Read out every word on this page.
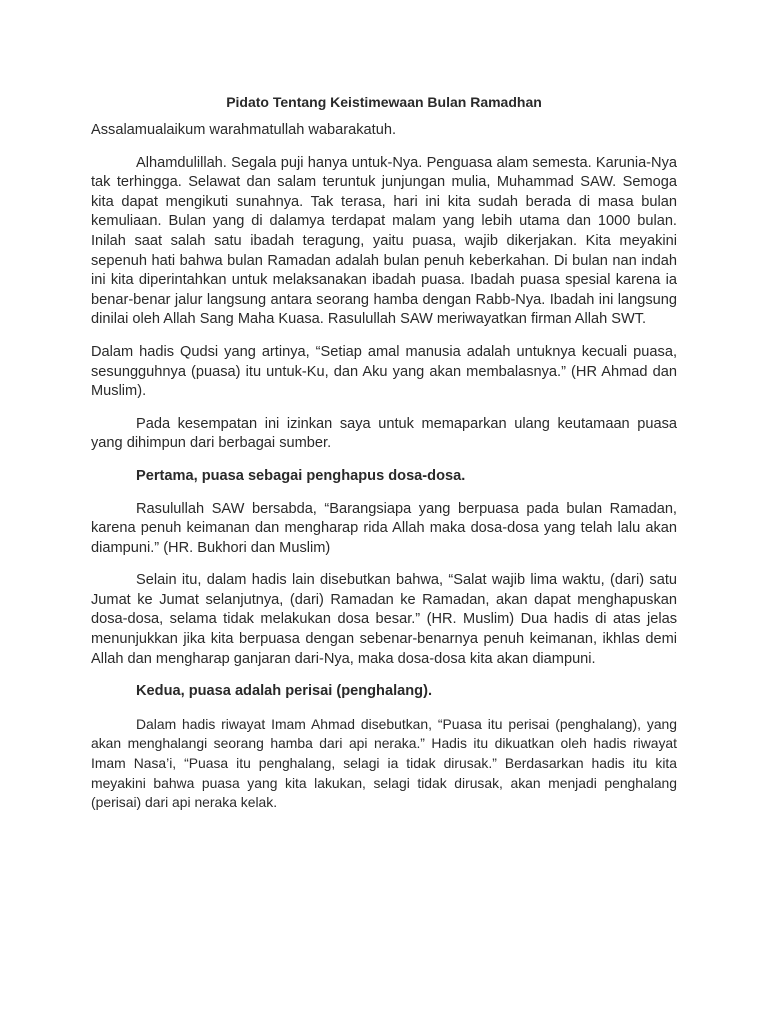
Pidato Tentang Keistimewaan Bulan Ramadhan

Assalamualaikum warahmatullah wabarakatuh.

Alhamdulillah. Segala puji hanya untuk-Nya. Penguasa alam semesta. Karunia-Nya tak terhingga. Selawat dan salam teruntuk junjungan mulia, Muhammad SAW. Semoga kita dapat mengikuti sunahnya. Tak terasa, hari ini kita sudah berada di masa bulan kemuliaan. Bulan yang di dalamya terdapat malam yang lebih utama dan 1000 bulan. Inilah saat salah satu ibadah teragung, yaitu puasa, wajib dikerjakan. Kita meyakini sepenuh hati bahwa bulan Ramadan adalah bulan penuh keberkahan. Di bulan nan indah ini kita diperintahkan untuk melaksanakan ibadah puasa. Ibadah puasa spesial karena ia benar-benar jalur langsung antara seorang hamba dengan Rabb-Nya. Ibadah ini langsung dinilai oleh Allah Sang Maha Kuasa. Rasulullah SAW meriwayatkan firman Allah SWT.

Dalam hadis Qudsi yang artinya, “Setiap amal manusia adalah untuknya kecuali puasa, sesungguhnya (puasa) itu untuk-Ku, dan Aku yang akan membalasnya.” (HR Ahmad dan Muslim).

Pada kesempatan ini izinkan saya untuk memaparkan ulang keutamaan puasa yang dihimpun dari berbagai sumber.

Pertama, puasa sebagai penghapus dosa-dosa.

Rasulullah SAW bersabda, “Barangsiapa yang berpuasa pada bulan Ramadan, karena penuh keimanan dan mengharap rida Allah maka dosa-dosa yang telah lalu akan diampuni.” (HR. Bukhori dan Muslim)

Selain itu, dalam hadis lain disebutkan bahwa, “Salat wajib lima waktu, (dari) satu Jumat ke Jumat selanjutnya, (dari) Ramadan ke Ramadan, akan dapat menghapuskan dosa-dosa, selama tidak melakukan dosa besar.” (HR. Muslim) Dua hadis di atas jelas menunjukkan jika kita berpuasa dengan sebenar-benarnya penuh keimanan, ikhlas demi Allah dan mengharap ganjaran dari-Nya, maka dosa-dosa kita akan diampuni.

Kedua, puasa adalah perisai (penghalang).

Dalam hadis riwayat Imam Ahmad disebutkan, “Puasa itu perisai (penghalang), yang akan menghalangi seorang hamba dari api neraka.” Hadis itu dikuatkan oleh hadis riwayat Imam Nasa’i, “Puasa itu penghalang, selagi ia tidak dirusak.” Berdasarkan hadis itu kita meyakini bahwa puasa yang kita lakukan, selagi tidak dirusak, akan menjadi penghalang (perisai) dari api neraka kelak.
